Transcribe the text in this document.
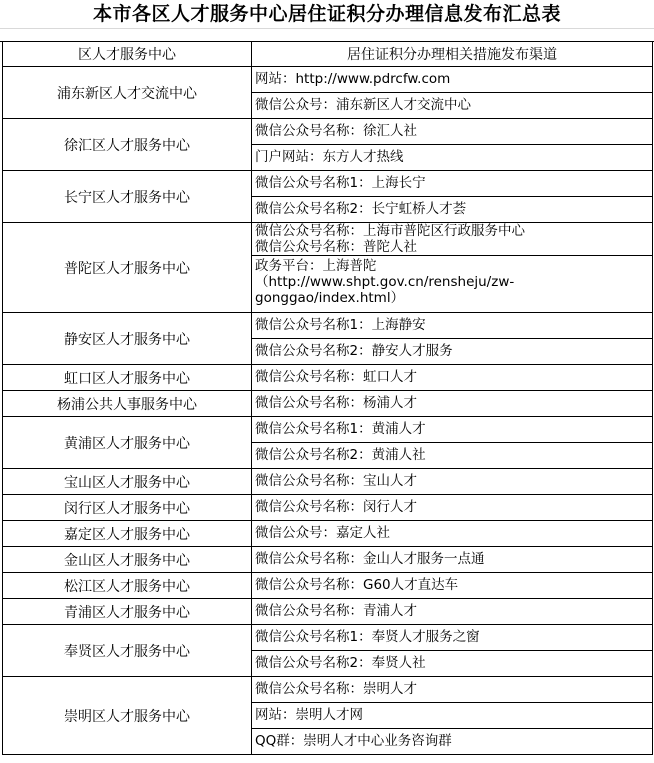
本市各区人才服务中心居住证积分办理信息发布汇总表
区人才服务中心	居住证积分办理相关措施发布渠道
浦东新区人才交流中心	网站：http://www.pdrcfw.com
	微信公众号：浦东新区人才交流中心
徐汇区人才服务中心	微信公众号名称：徐汇人社
	门户网站：东方人才热线
长宁区人才服务中心	微信公众号名称1：上海长宁
	微信公众号名称2：长宁虹桥人才荟
普陀区人才服务中心	微信公众号名称：上海市普陀区行政服务中心
微信公众号名称：普陀人社

	政务平台：上海普陀
（http://www.shpt.gov.cn/rensheju/zw-
gonggao/index.html）

静安区人才服务中心	微信公众号名称1：上海静安
	微信公众号名称2：静安人才服务
虹口区人才服务中心	微信公众号名称：虹口人才
杨浦公共人事服务中心	微信公众号名称：杨浦人才
黄浦区人才服务中心	微信公众号名称1：黄浦人才
	微信公众号名称2：黄浦人社
宝山区人才服务中心	微信公众号名称：宝山人才
闵行区人才服务中心	微信公众号名称：闵行人才
嘉定区人才服务中心	微信公众号：嘉定人社
金山区人才服务中心	微信公众号名称：金山人才服务一点通
松江区人才服务中心	微信公众号名称：G60人才直达车
青浦区人才服务中心	微信公众号名称：青浦人才
奉贤区人才服务中心	微信公众号名称1：奉贤人才服务之窗
	微信公众号名称2：奉贤人社
崇明区人才服务中心	微信公众号名称：崇明人才
	网站：崇明人才网
	QQ群：崇明人才中心业务咨询群
